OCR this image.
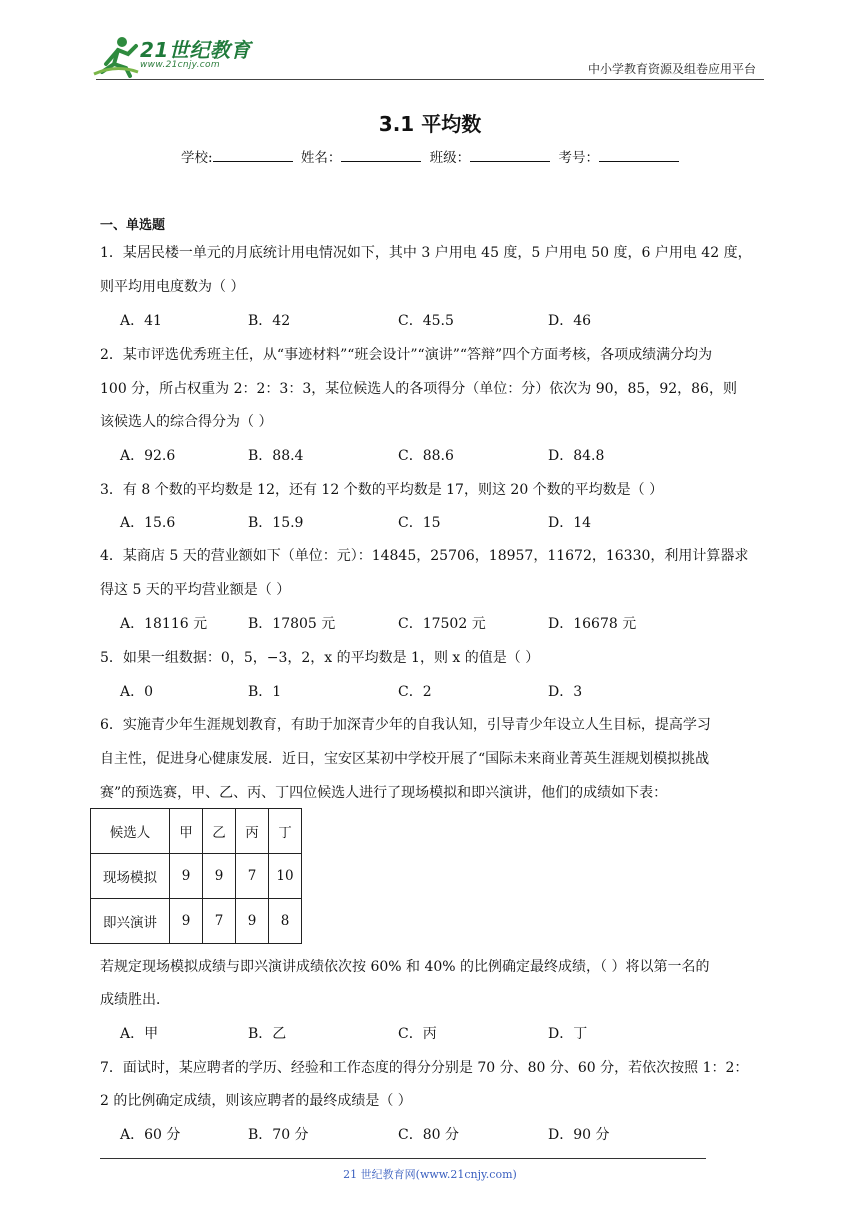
21世纪教育
www.21cnjy.com	中小学教育资源及组卷应用平台
3.1 平均数
学校:	姓名：	班级：	考号：
一、单选题
1．某居民楼一单元的月底统计用电情况如下，其中 3 户用电 45 度，5 户用电 50 度，6 户用电 42 度，
则平均用电度数为（ ）
A．41	B．42	C．45.5	D．46
2．某市评选优秀班主任，从“事迹材料”“班会设计”“演讲”“答辩”四个方面考核，各项成绩满分均为
100 分，所占权重为 2：2：3：3，某位候选人的各项得分（单位：分）依次为 90，85，92，86，则
该候选人的综合得分为（ ）
A．92.6	B．88.4	C．88.6	D．84.8
3．有 8 个数的平均数是 12，还有 12 个数的平均数是 17，则这 20 个数的平均数是（ ）
A．15.6	B．15.9	C．15	D．14
4．某商店 5 天的营业额如下（单位：元）：14845，25706，18957，11672，16330，利用计算器求
得这 5 天的平均营业额是（ ）
A．18116 元	B．17805 元	C．17502 元	D．16678 元
5．如果一组数据：0，5，−3，2，x 的平均数是 1，则 x 的值是（ ）
A．0	B．1	C．2	D．3
6．实施青少年生涯规划教育，有助于加深青少年的自我认知，引导青少年设立人生目标，提高学习
自主性，促进身心健康发展．近日，宝安区某初中学校开展了“国际未来商业菁英生涯规划模拟挑战
赛”的预选赛，甲、乙、丙、丁四位候选人进行了现场模拟和即兴演讲，他们的成绩如下表：
候选人	甲	乙	丙	丁
现场模拟	9	9	7	10
即兴演讲	9	7	9	8
若规定现场模拟成绩与即兴演讲成绩依次按 60% 和 40% 的比例确定最终成绩，（ ）将以第一名的
成绩胜出．
A．甲	B．乙	C．丙	D．丁
7．面试时，某应聘者的学历、经验和工作态度的得分分别是 70 分、80 分、60 分，若依次按照 1：2：
2 的比例确定成绩，则该应聘者的最终成绩是（ ）
A．60 分	B．70 分	C．80 分	D．90 分
21 世纪教育网(www.21cnjy.com)
